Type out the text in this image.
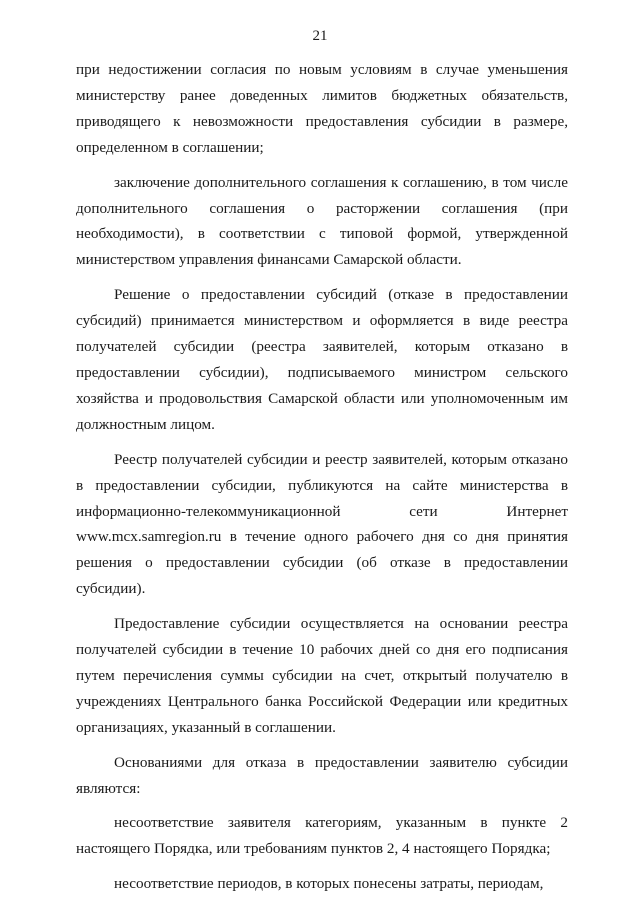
21

при недостижении согласия по новым условиям в случае уменьшения министерству ранее доведенных лимитов бюджетных обязательств, приводящего к невозможности предоставления субсидии в размере, определенном в соглашении;

заключение дополнительного соглашения к соглашению, в том числе дополнительного соглашения о расторжении соглашения (при необходимости), в соответствии с типовой формой, утвержденной министерством управления финансами Самарской области.

Решение о предоставлении субсидий (отказе в предоставлении субсидий) принимается министерством и оформляется в виде реестра получателей субсидии (реестра заявителей, которым отказано в предоставлении субсидии), подписываемого министром сельского хозяйства и продовольствия Самарской области или уполномоченным им должностным лицом.

Реестр получателей субсидии и реестр заявителей, которым отказано в предоставлении субсидии, публикуются на сайте министерства в информационно-телекоммуникационной сети Интернет www.mcx.samregion.ru в течение одного рабочего дня со дня принятия решения о предоставлении субсидии (об отказе в предоставлении субсидии).

Предоставление субсидии осуществляется на основании реестра получателей субсидии в течение 10 рабочих дней со дня его подписания путем перечисления суммы субсидии на счет, открытый получателю в учреждениях Центрального банка Российской Федерации или кредитных организациях, указанный в соглашении.

Основаниями для отказа в предоставлении заявителю субсидии являются:

несоответствие заявителя категориям, указанным в пункте 2 настоящего Порядка, или требованиям пунктов 2, 4 настоящего Порядка;

несоответствие периодов, в которых понесены затраты, периодам,
